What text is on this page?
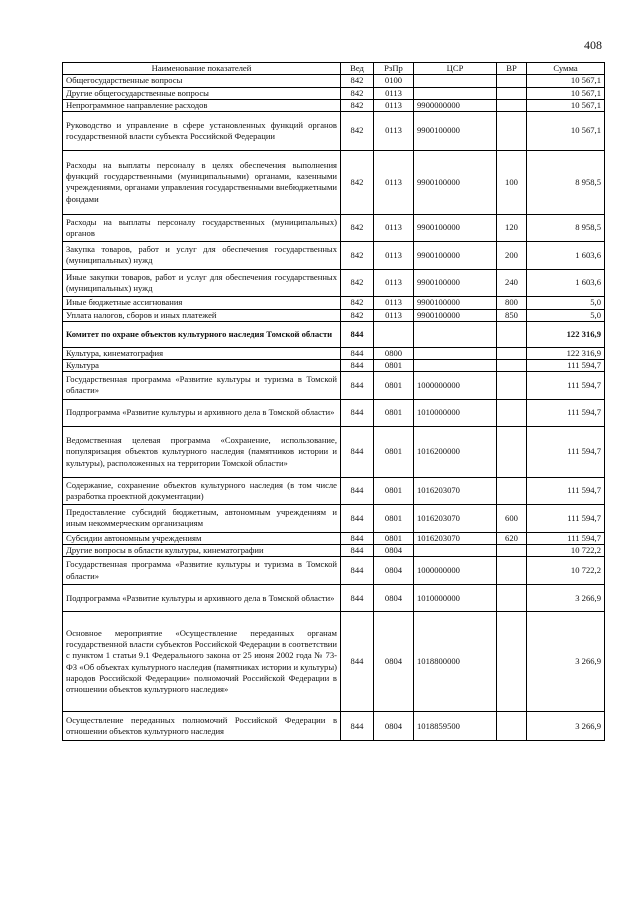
408
Наименование показателей	Вед	РзПр	ЦСР	ВР	Сумма
Общегосударственные вопросы	842	0100			10 567,1
Другие общегосударственные вопросы	842	0113			10 567,1
Непрограммное направление расходов	842	0113	9900000000		10 567,1
Руководство и управление в сфере установленных функций органов государственной власти субъекта Российской Федерации	842	0113	9900100000		10 567,1
Расходы на выплаты персоналу в целях обеспечения выполнения функций государственными (муниципальными) органами, казенными учреждениями, органами управления государственными внебюджетными фондами	842	0113	9900100000	100	8 958,5
Расходы на выплаты персоналу государственных (муниципальных) органов	842	0113	9900100000	120	8 958,5
Закупка товаров, работ и услуг для обеспечения государственных (муниципальных) нужд	842	0113	9900100000	200	1 603,6
Иные закупки товаров, работ и услуг для обеспечения государственных (муниципальных) нужд	842	0113	9900100000	240	1 603,6
Иные бюджетные ассигнования	842	0113	9900100000	800	5,0
Уплата налогов, сборов и иных платежей	842	0113	9900100000	850	5,0
Комитет по охране объектов культурного наследия Томской области	844				122 316,9
Культура, кинематография	844	0800			122 316,9
Культура	844	0801			111 594,7
Государственная программа «Развитие культуры и туризма в Томской области»	844	0801	1000000000		111 594,7
Подпрограмма «Развитие культуры и архивного дела в Томской области»	844	0801	1010000000		111 594,7
Ведомственная целевая программа «Сохранение, использование, популяризация объектов культурного наследия (памятников истории и культуры), расположенных на территории Томской области»	844	0801	1016200000		111 594,7
Содержание, сохранение объектов культурного наследия (в том числе разработка проектной документации)	844	0801	1016203070		111 594,7
Предоставление субсидий бюджетным, автономным учреждениям и иным некоммерческим организациям	844	0801	1016203070	600	111 594,7
Субсидии автономным учреждениям	844	0801	1016203070	620	111 594,7
Другие вопросы в области культуры, кинематографии	844	0804			10 722,2
Государственная программа «Развитие культуры и туризма в Томской области»	844	0804	1000000000		10 722,2
Подпрограмма «Развитие культуры и архивного дела в Томской области»	844	0804	1010000000		3 266,9
Основное мероприятие «Осуществление переданных органам государственной власти субъектов Российской Федерации в соответствии с пунктом 1 статьи 9.1 Федерального закона от 25 июня 2002 года № 73-ФЗ «Об объектах культурного наследия (памятниках истории и культуры) народов Российской Федерации» полномочий Российской Федерации в отношении объектов культурного наследия»	844	0804	1018800000		3 266,9
Осуществление переданных полномочий Российской Федерации в отношении объектов культурного наследия	844	0804	1018859500		3 266,9
